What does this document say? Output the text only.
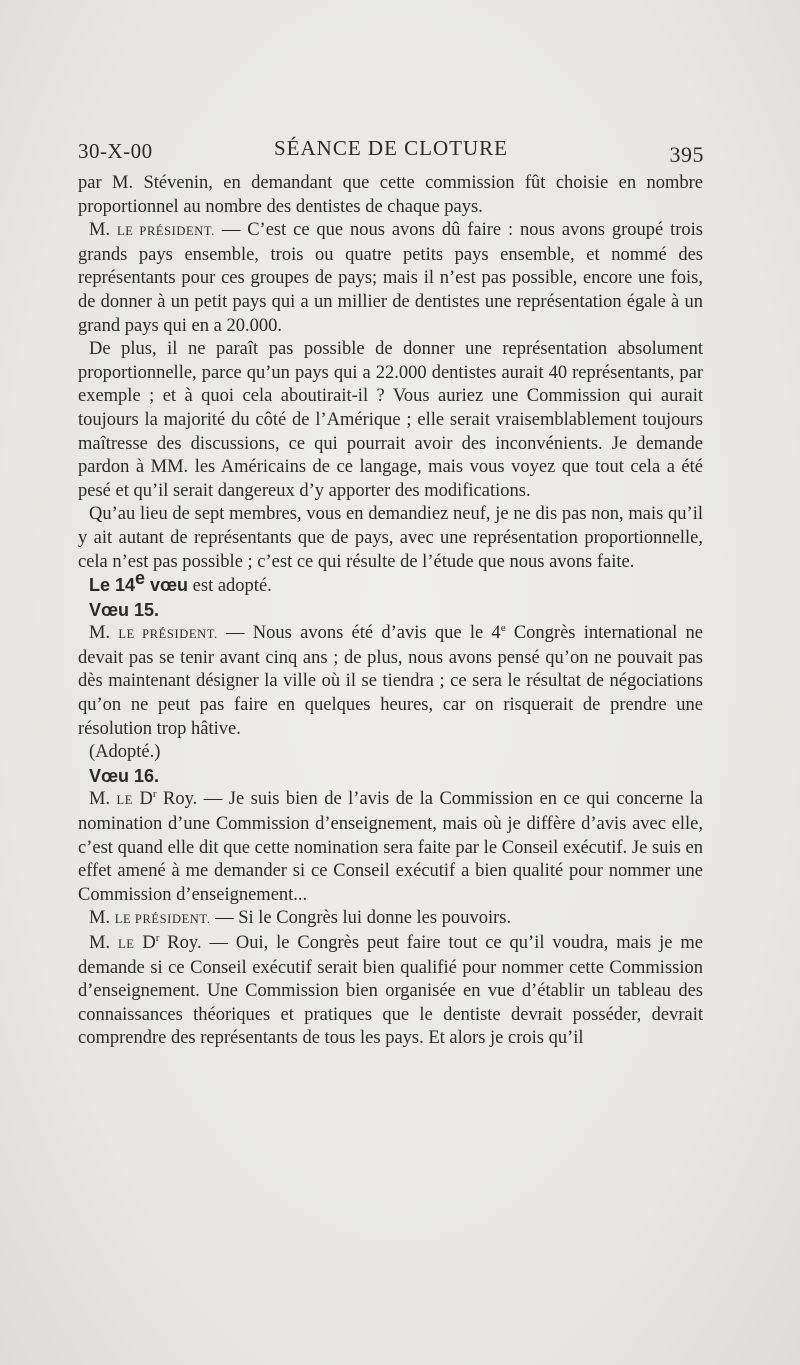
30-X-00	SÉANCE DE CLOTURE	395

par M. Stévenin, en demandant que cette commission fût choisie en nombre proportionnel au nombre des dentistes de chaque pays.

M. LE PRÉSIDENT. — C’est ce que nous avons dû faire : nous avons groupé trois grands pays ensemble, trois ou quatre petits pays ensemble, et nommé des représentants pour ces groupes de pays; mais il n’est pas possible, encore une fois, de donner à un petit pays qui a un millier de dentistes une représentation égale à un grand pays qui en a 20.000.

De plus, il ne paraît pas possible de donner une représentation absolument proportionnelle, parce qu’un pays qui a 22.000 dentistes aurait 40 représentants, par exemple ; et à quoi cela aboutirait-il ? Vous auriez une Commission qui aurait toujours la majorité du côté de l’Amérique ; elle serait vraisemblablement toujours maîtresse des discussions, ce qui pourrait avoir des inconvénients. Je demande pardon à MM. les Américains de ce langage, mais vous voyez que tout cela a été pesé et qu’il serait dangereux d’y apporter des modifications.

Qu’au lieu de sept membres, vous en demandiez neuf, je ne dis pas non, mais qu’il y ait autant de représentants que de pays, avec une représentation proportionnelle, cela n’est pas possible ; c’est ce qui résulte de l’étude que nous avons faite.

Le 14e vœu est adopté.

Vœu 15.

M. LE PRÉSIDENT. — Nous avons été d’avis que le 4e Congrès international ne devait pas se tenir avant cinq ans ; de plus, nous avons pensé qu’on ne pouvait pas dès maintenant désigner la ville où il se tiendra ; ce sera le résultat de négociations qu’on ne peut pas faire en quelques heures, car on risquerait de prendre une résolution trop hâtive.

(Adopté.)

Vœu 16.

M. LE $D^r$ Roy. — Je suis bien de l’avis de la Commission en ce qui concerne la nomination d’une Commission d’enseignement, mais où je diffère d’avis avec elle, c’est quand elle dit que cette nomination sera faite par le Conseil exécutif. Je suis en effet amené à me demander si ce Conseil exécutif a bien qualité pour nommer une Commission d’enseignement...

M. LE PRÉSIDENT. — Si le Congrès lui donne les pouvoirs.

M. LE $D^r$ Roy. — Oui, le Congrès peut faire tout ce qu’il voudra, mais je me demande si ce Conseil exécutif serait bien qualifié pour nommer cette Commission d’enseignement. Une Commission bien organisée en vue d’établir un tableau des connaissances théoriques et pratiques que le dentiste devrait posséder, devrait comprendre des représentants de tous les pays. Et alors je crois qu’il
